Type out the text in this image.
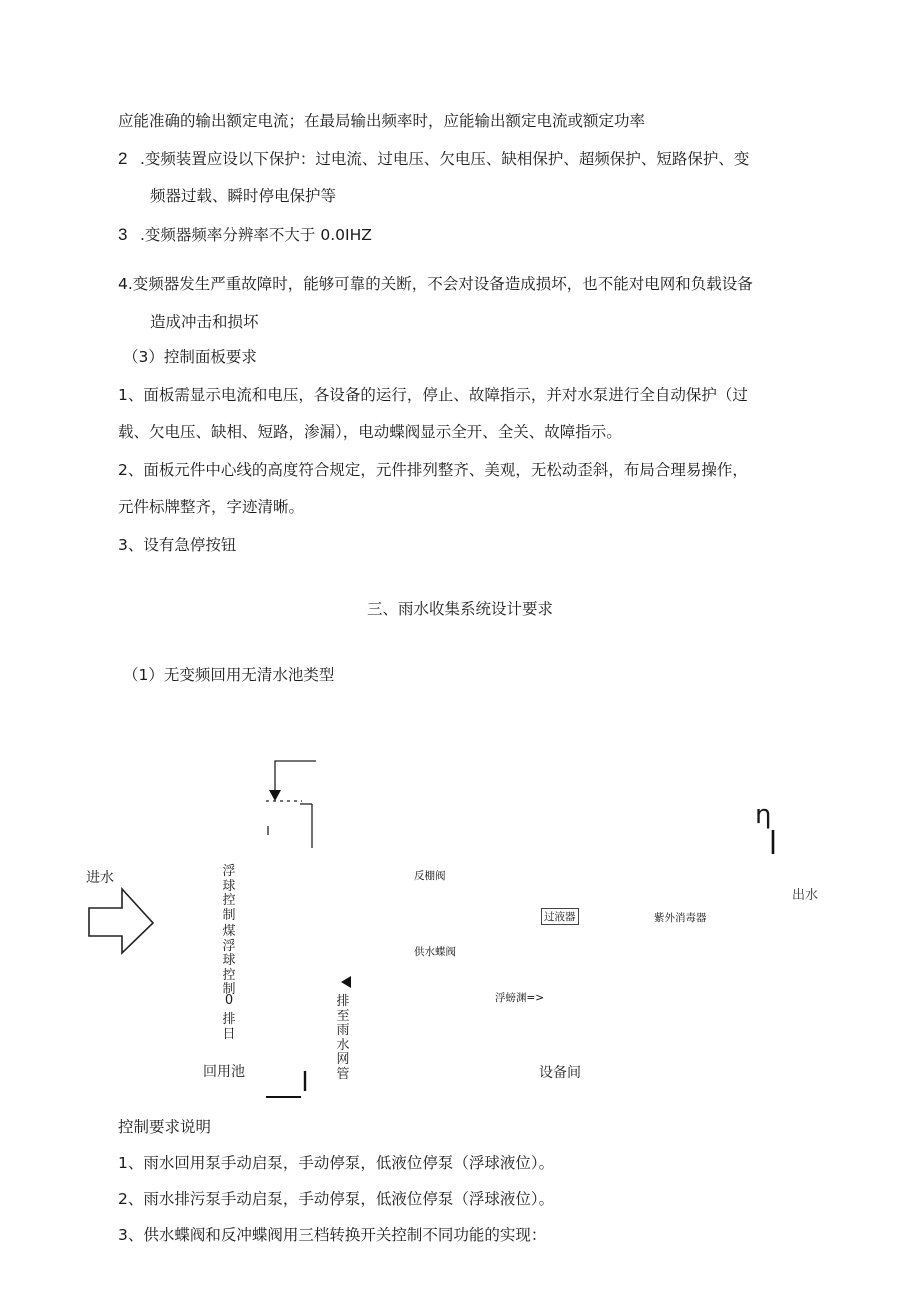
应能准确的输出额定电流；在最局输出频率时，应能输出额定电流或额定功率
2 .变频装置应设以下保护：过电流、过电压、欠电压、缺相保护、超频保护、短路保护、变
频器过载、瞬时停电保护等
3 .变频器频率分辨率不大于 0.0IHZ
4.变频器发生严重故障时，能够可靠的关断，不会对设备造成损坏，也不能对电网和负载设备
造成冲击和损坏
（3）控制面板要求
1、面板需显示电流和电压，各设备的运行，停止、故障指示，并对水泵进行全自动保护（过
载、欠电压、缺相、短路，渗漏），电动蝶阀显示全开、全关、故障指示。
2、面板元件中心线的高度符合规定，元件排列整齐、美观，无松动歪斜，布局合理易操作，
元件标牌整齐，字迹清晰。
3、设有急停按钮
三、雨水收集系统设计要求
（1）无变频回用无清水池类型
进水
η
出水
浮球控制
煤浮球控制
0
排日
排至雨水网管
反棚阀
供水蝶阀
过液器	紫外消毒器
浮螃渊=>
回用池	设备间
控制要求说明
1、雨水回用泵手动启泵，手动停泵，低液位停泵（浮球液位）。
2、雨水排污泵手动启泵，手动停泵，低液位停泵（浮球液位）。
3、供水蝶阀和反冲蝶阀用三档转换开关控制不同功能的实现：
